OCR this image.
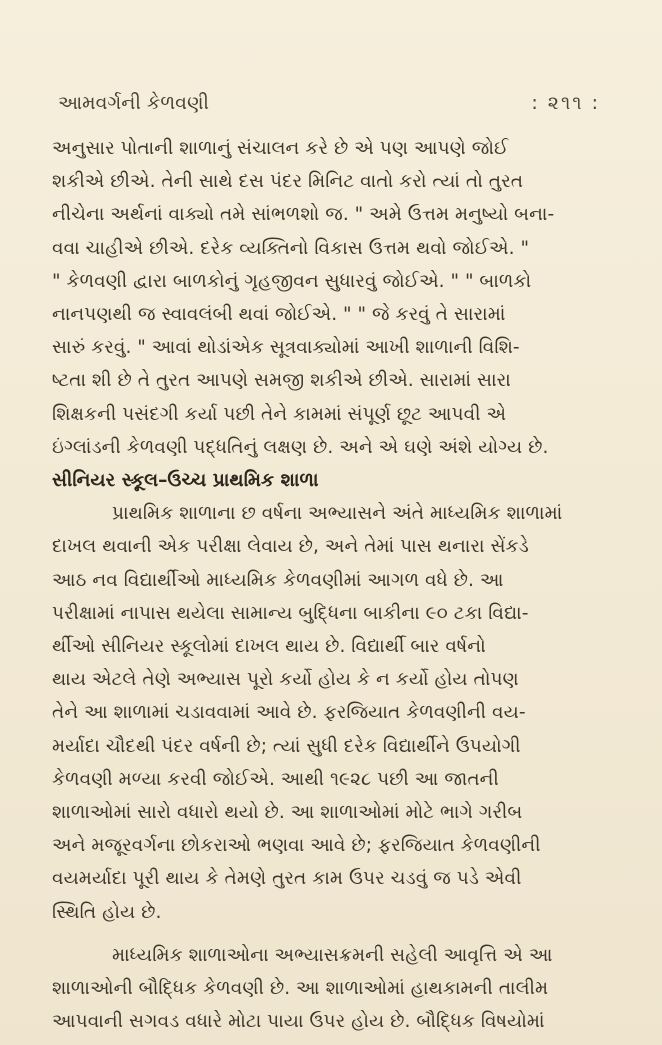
આમવર્ગની કેળવણી	: ૨૧૧ :

અનુસાર પોતાની શાળાનું સંચાલન કરે છે એ પણ આપણે જોઈ
શકીએ છીએ. તેની સાથે દસ પંદર મિનિટ વાતો કરો ત્યાં તો તુરત
નીચેના અર્થનાં વાક્યો તમે સાંભળશો જ. " અમે ઉત્તમ મનુષ્યો બના-
વવા ચાહીએ છીએ. દરેક વ્યક્તિનો વિકાસ ઉત્તમ થવો જોઈએ. "
" કેળવણી દ્વારા બાળકોનું ગૃહજીવન સુધારવું જોઈએ. " " બાળકો
નાનપણથી જ સ્વાવલંબી થવાં જોઈએ. " " જે કરવું તે સારામાં
સારું કરવું. " આવાં થોડાંએક સૂત્રવાક્યોમાં આખી શાળાની વિશિ-
ષ્ટતા શી છે તે તુરત આપણે સમજી શકીએ છીએ. સારામાં સારા
શિક્ષકની પસંદગી કર્યા પછી તેને કામમાં સંપૂર્ણ છૂટ આપવી એ
ઇંગ્લાંડની કેળવણી પદ્ધતિનું લક્ષણ છે. અને એ ઘણે અંશે યોગ્ય છે.

સીનિયર સ્કૂલ–ઉચ્ચ પ્રાથમિક શાળા

પ્રાથમિક શાળાના છ વર્ષના અભ્યાસને અંતે માધ્યમિક શાળામાં
દાખલ થવાની એક પરીક્ષા લેવાય છે, અને તેમાં પાસ થનારા સેંકડે
આઠ નવ વિદ્યાર્થીઓ માધ્યમિક કેળવણીમાં આગળ વધે છે. આ
પરીક્ષામાં નાપાસ થયેલા સામાન્ય બુદ્ધિના બાકીના ૯૦ ટકા વિદ્યા-
ર્થીઓ સીનિયર સ્કૂલોમાં દાખલ થાય છે. વિદ્યાર્થી બાર વર્ષનો
થાય એટલે તેણે અભ્યાસ પૂરો કર્યો હોય કે ન કર્યો હોય તોપણ
તેને આ શાળામાં ચડાવવામાં આવે છે. ફરજિયાત કેળવણીની વય-
મર્યાદા ચૌદથી પંદર વર્ષની છે; ત્યાં સુધી દરેક વિદ્યાર્થીને ઉપયોગી
કેળવણી મળ્યા કરવી જોઈએ. આથી ૧૯૨૮ પછી આ જાતની
શાળાઓમાં સારો વધારો થયો છે. આ શાળાઓમાં મોટે ભાગે ગરીબ
અને મજૂરવર્ગના છોકરાઓ ભણવા આવે છે; ફરજિયાત કેળવણીની
વયમર્યાદા પૂરી થાય કે તેમણે તુરત કામ ઉપર ચડવું જ પડે એવી
સ્થિતિ હોય છે.

માધ્યમિક શાળાઓના અભ્યાસક્રમની સહેલી આવૃત્તિ એ આ
શાળાઓની બૌદ્ધિક કેળવણી છે. આ શાળાઓમાં હાથકામની તાલીમ
આપવાની સગવડ વધારે મોટા પાયા ઉપર હોય છે. બૌદ્ધિક વિષયોમાં
